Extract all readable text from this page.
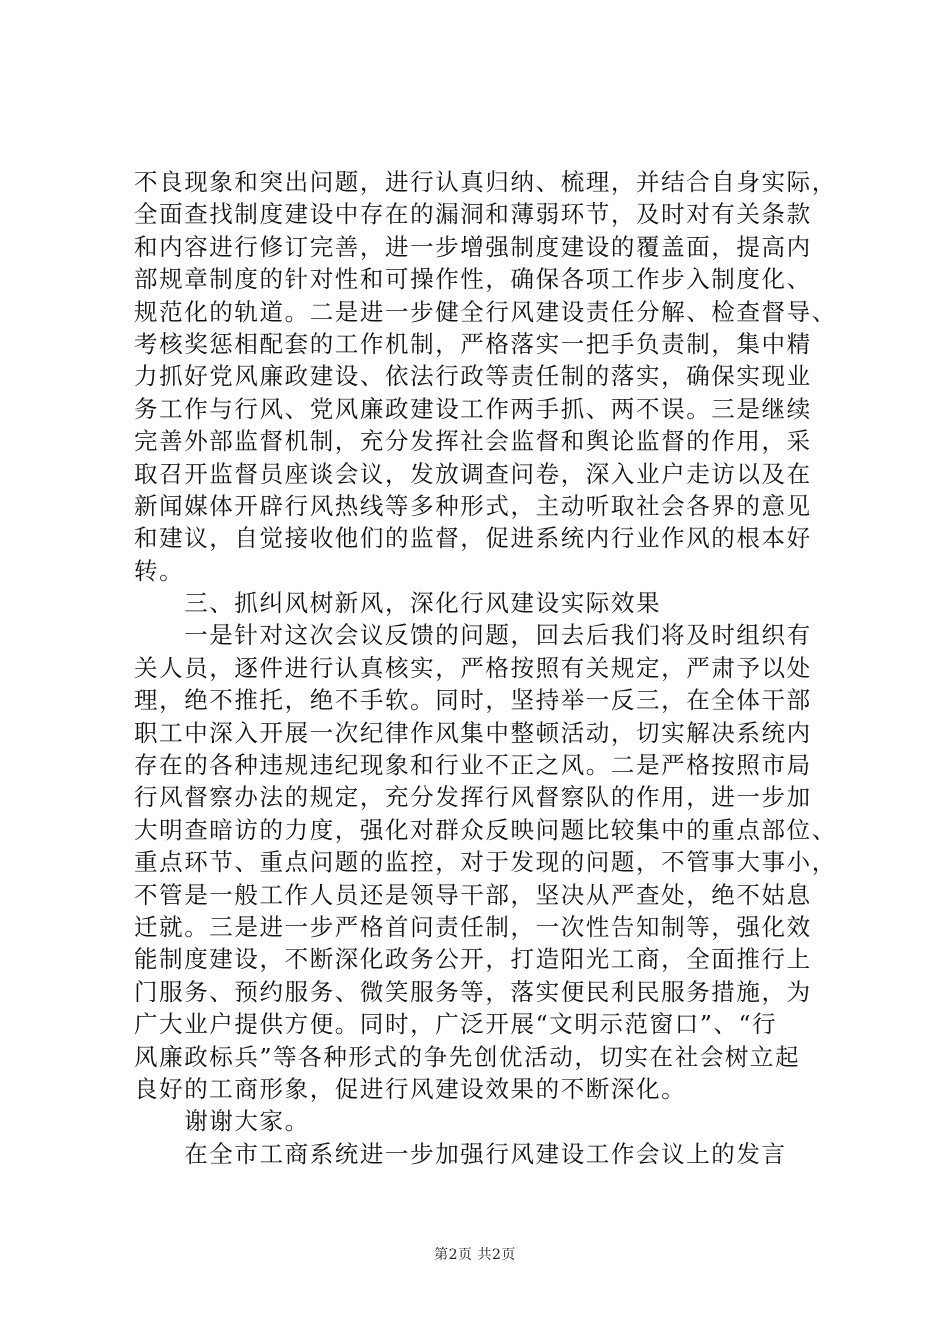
不良现象和突出问题，进行认真归纳、梳理，并结合自身实际，
全面查找制度建设中存在的漏洞和薄弱环节，及时对有关条款
和内容进行修订完善，进一步增强制度建设的覆盖面，提高内
部规章制度的针对性和可操作性，确保各项工作步入制度化、
规范化的轨道。二是进一步健全行风建设责任分解、检查督导、
考核奖惩相配套的工作机制，严格落实一把手负责制，集中精
力抓好党风廉政建设、依法行政等责任制的落实，确保实现业
务工作与行风、党风廉政建设工作两手抓、两不误。三是继续
完善外部监督机制，充分发挥社会监督和舆论监督的作用，采
取召开监督员座谈会议，发放调查问卷，深入业户走访以及在
新闻媒体开辟行风热线等多种形式，主动听取社会各界的意见
和建议，自觉接收他们的监督，促进系统内行业作风的根本好
转。
　　三、抓纠风树新风，深化行风建设实际效果
　　一是针对这次会议反馈的问题，回去后我们将及时组织有
关人员，逐件进行认真核实，严格按照有关规定，严肃予以处
理，绝不推托，绝不手软。同时，坚持举一反三，在全体干部
职工中深入开展一次纪律作风集中整顿活动，切实解决系统内
存在的各种违规违纪现象和行业不正之风。二是严格按照市局
行风督察办法的规定，充分发挥行风督察队的作用，进一步加
大明查暗访的力度，强化对群众反映问题比较集中的重点部位、
重点环节、重点问题的监控，对于发现的问题，不管事大事小，
不管是一般工作人员还是领导干部，坚决从严查处，绝不姑息
迁就。三是进一步严格首问责任制，一次性告知制等，强化效
能制度建设，不断深化政务公开，打造阳光工商，全面推行上
门服务、预约服务、微笑服务等，落实便民利民服务措施，为
广大业户提供方便。同时，广泛开展“文明示范窗口”、“行
风廉政标兵”等各种形式的争先创优活动，切实在社会树立起
良好的工商形象，促进行风建设效果的不断深化。
　　谢谢大家。
　　在全市工商系统进一步加强行风建设工作会议上的发言
第2页 共2页
